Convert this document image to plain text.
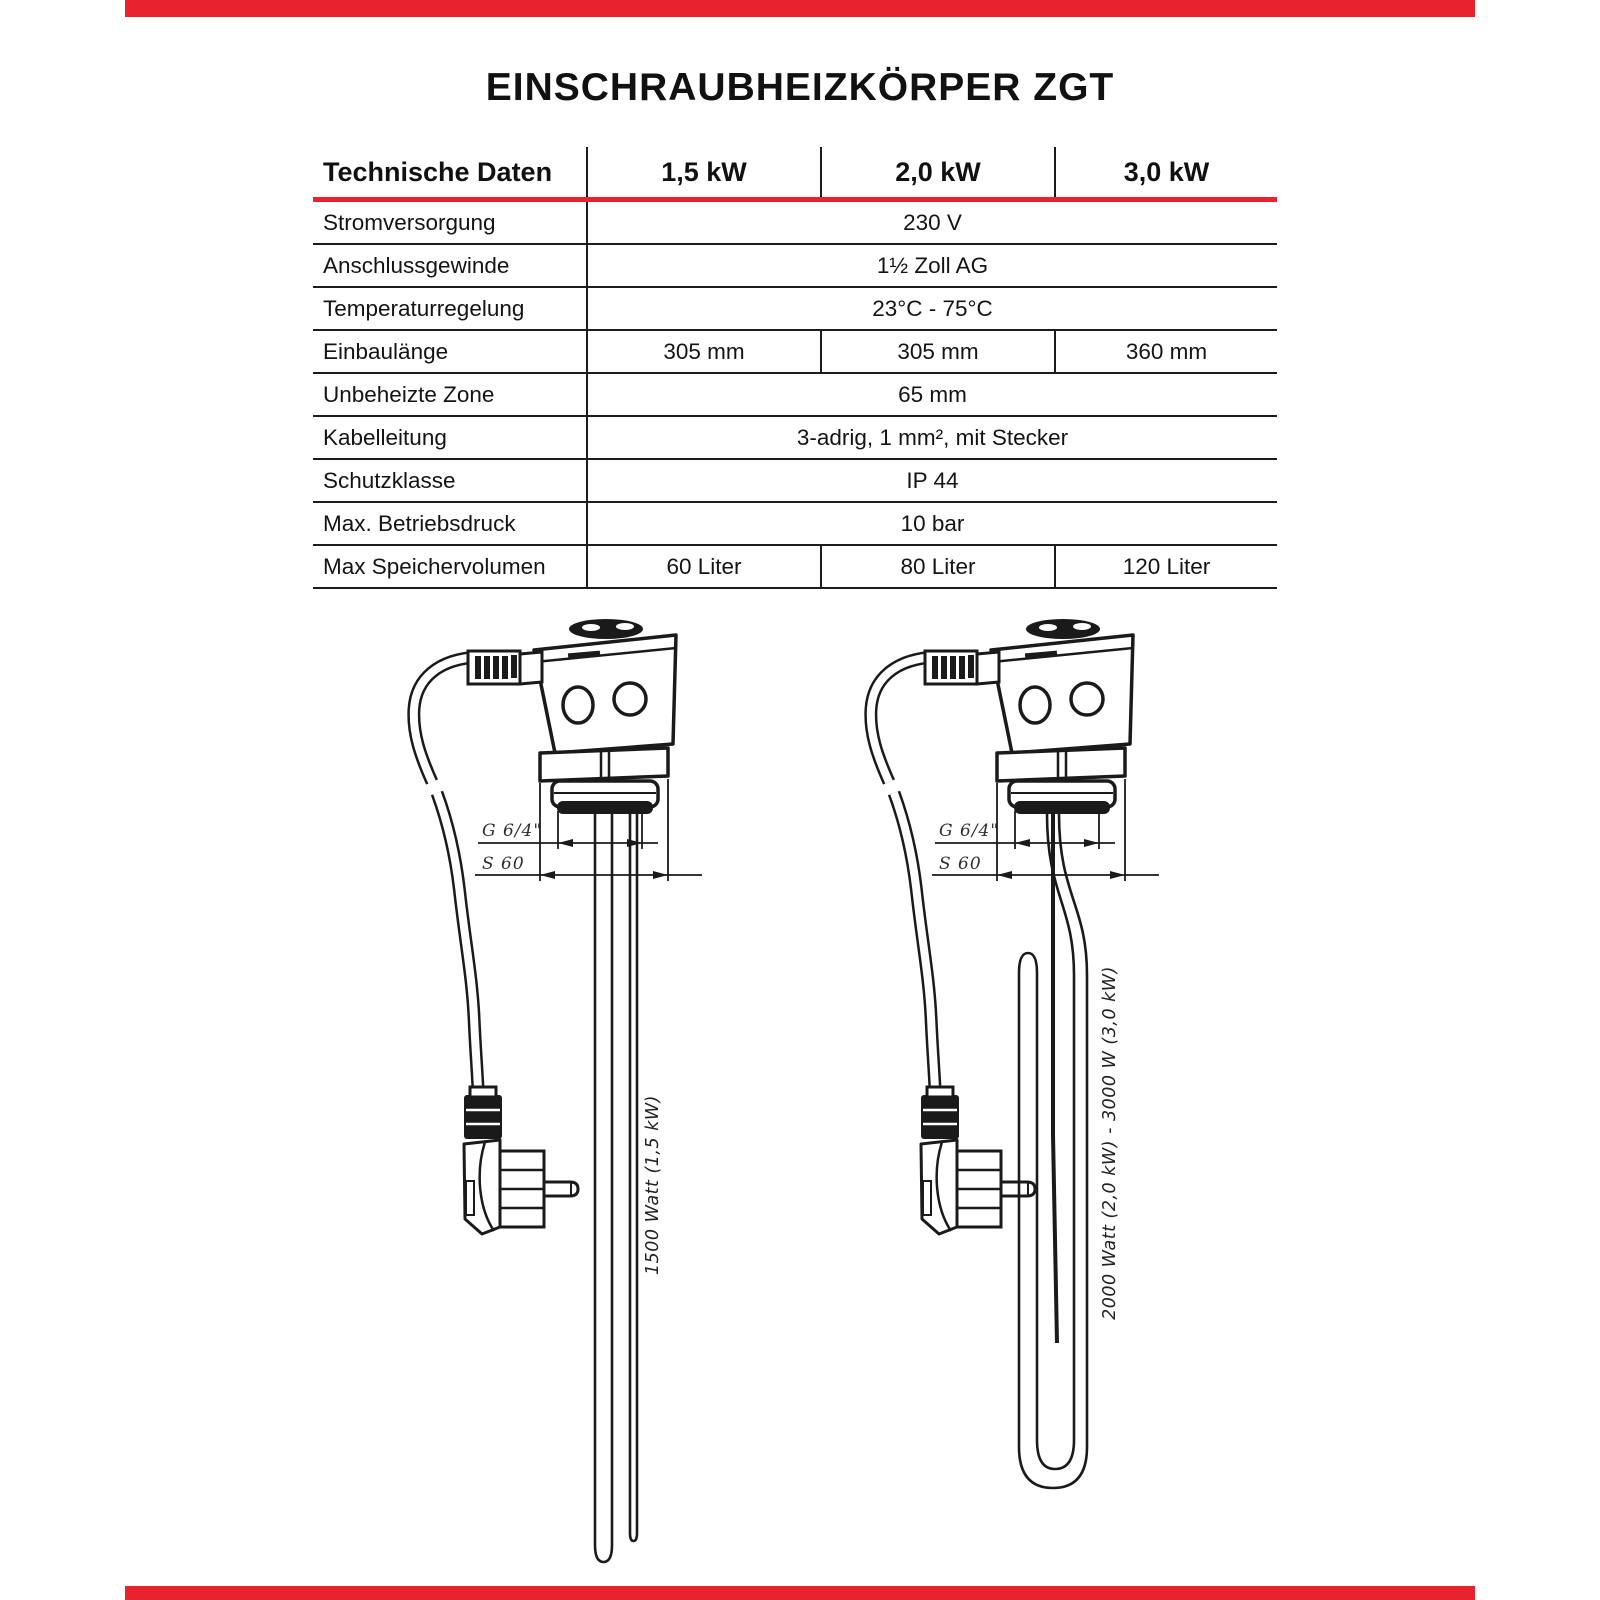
EINSCHRAUBHEIZKÖRPER ZGT
Technische Daten	1,5 kW	2,0 kW	3,0 kW
Stromversorgung	230 V		
Anschlussgewinde	1½ Zoll AG		
Temperaturregelung	23°C - 75°C		
Einbaulänge	305 mm	305 mm	360 mm
Unbeheizte Zone	65 mm		
Kabelleitung	3-adrig, 1 mm², mit Stecker		
Schutzklasse	IP 44		
Max. Betriebsdruck	10 bar		
Max Speichervolumen	60 Liter	80 Liter	120 Liter
G 6/4"
S 60
1500 Watt (1,5 kW)
G 6/4"
S 60
2000 Watt (2,0 kW) - 3000 W (3,0 kW)
